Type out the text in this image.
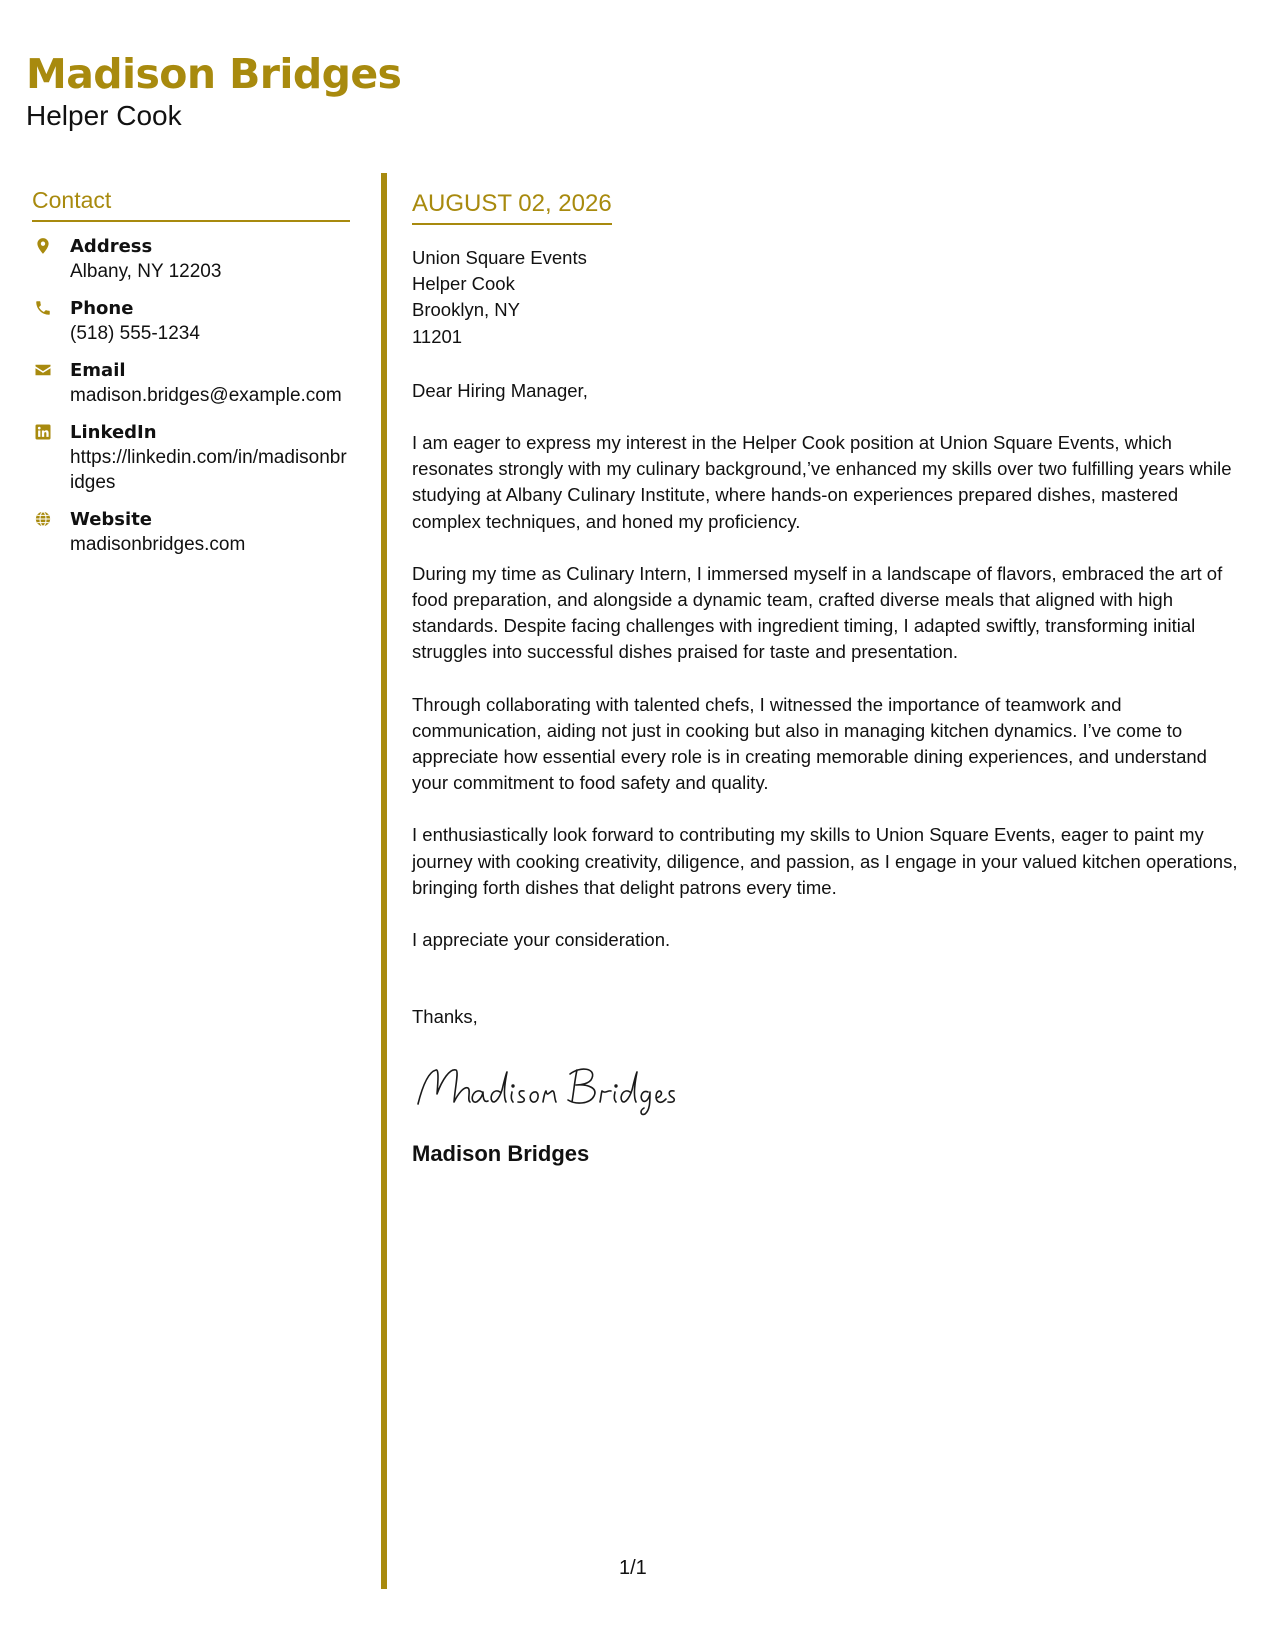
Madison Bridges
Helper Cook
Contact
Address
Albany, NY 12203
Phone
(518) 555-1234
Email
madison.bridges@example.com
LinkedIn
https://linkedin.com/in/madisonbridges
Website
madisonbridges.com
AUGUST 02, 2026
Union Square Events
Helper Cook
Brooklyn, NY
11201
Dear Hiring Manager,
I am eager to express my interest in the Helper Cook position at Union Square Events, which resonates strongly with my culinary background,’ve enhanced my skills over two fulfilling years while studying at Albany Culinary Institute, where hands-on experiences prepared dishes, mastered complex techniques, and honed my proficiency.
During my time as Culinary Intern, I immersed myself in a landscape of flavors, embraced the art of food preparation, and alongside a dynamic team, crafted diverse meals that aligned with high standards. Despite facing challenges with ingredient timing, I adapted swiftly, transforming initial struggles into successful dishes praised for taste and presentation.
Through collaborating with talented chefs, I witnessed the importance of teamwork and communication, aiding not just in cooking but also in managing kitchen dynamics. I’ve come to appreciate how essential every role is in creating memorable dining experiences, and understand your commitment to food safety and quality.
I enthusiastically look forward to contributing my skills to Union Square Events, eager to paint my journey with cooking creativity, diligence, and passion, as I engage in your valued kitchen operations, bringing forth dishes that delight patrons every time.
I appreciate your consideration.
Thanks,
Madison Bridges
1/1
